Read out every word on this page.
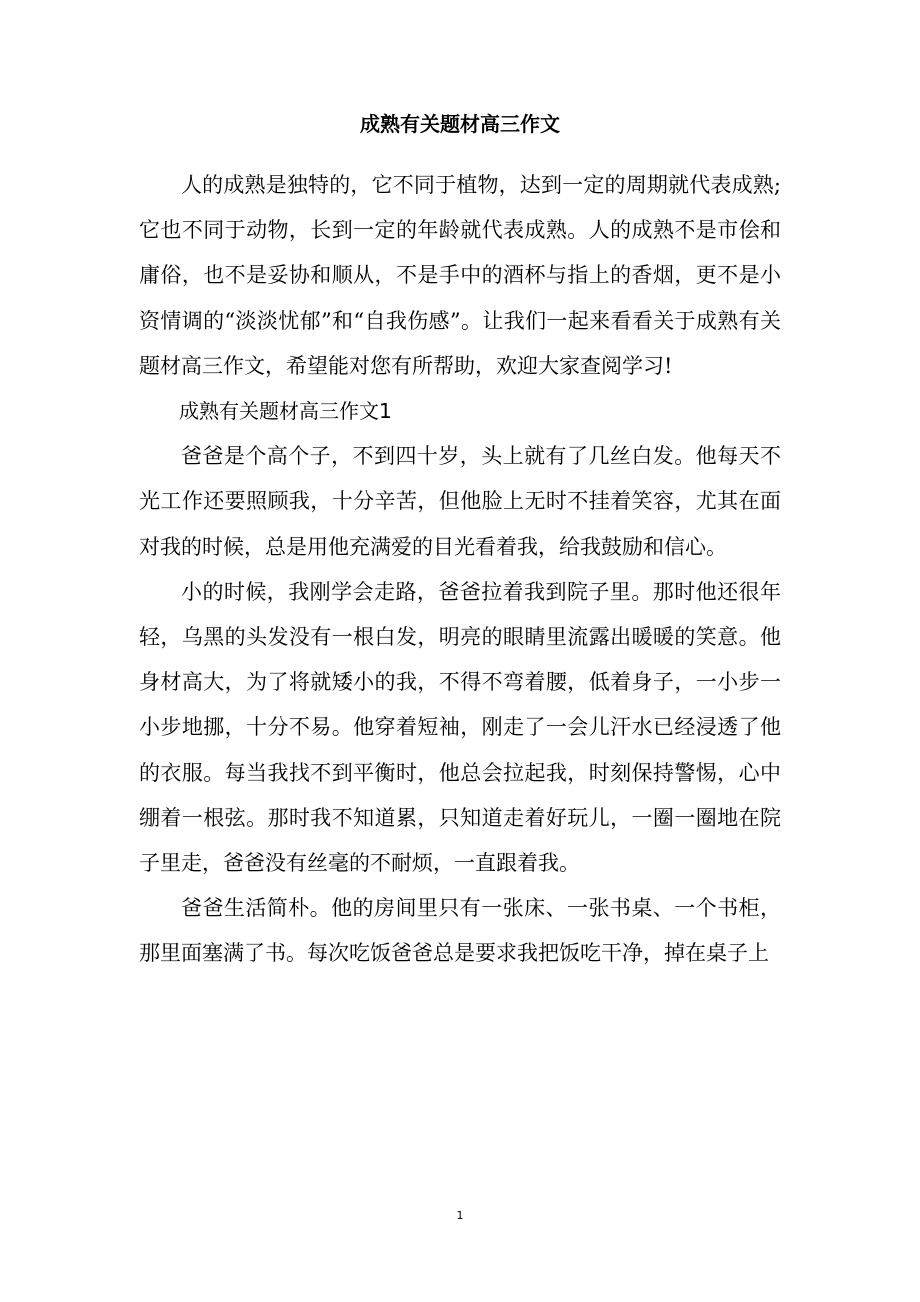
成熟有关题材高三作文

人的成熟是独特的，它不同于植物，达到一定的周期就代表成熟;它也不同于动物，长到一定的年龄就代表成熟。人的成熟不是市侩和庸俗，也不是妥协和顺从，不是手中的酒杯与指上的香烟，更不是小资情调的“淡淡忧郁”和“自我伤感”。让我们一起来看看关于成熟有关题材高三作文，希望能对您有所帮助，欢迎大家查阅学习!

成熟有关题材高三作文1

爸爸是个高个子，不到四十岁，头上就有了几丝白发。他每天不光工作还要照顾我，十分辛苦，但他脸上无时不挂着笑容，尤其在面对我的时候，总是用他充满爱的目光看着我，给我鼓励和信心。

小的时候，我刚学会走路，爸爸拉着我到院子里。那时他还很年轻，乌黑的头发没有一根白发，明亮的眼睛里流露出暖暖的笑意。他身材高大，为了将就矮小的我，不得不弯着腰，低着身子，一小步一小步地挪，十分不易。他穿着短袖，刚走了一会儿汗水已经浸透了他的衣服。每当我找不到平衡时，他总会拉起我，时刻保持警惕，心中绷着一根弦。那时我不知道累，只知道走着好玩儿，一圈一圈地在院子里走，爸爸没有丝毫的不耐烦，一直跟着我。

爸爸生活简朴。他的房间里只有一张床、一张书桌、一个书柜，那里面塞满了书。每次吃饭爸爸总是要求我把饭吃干净，掉在桌子上

1
